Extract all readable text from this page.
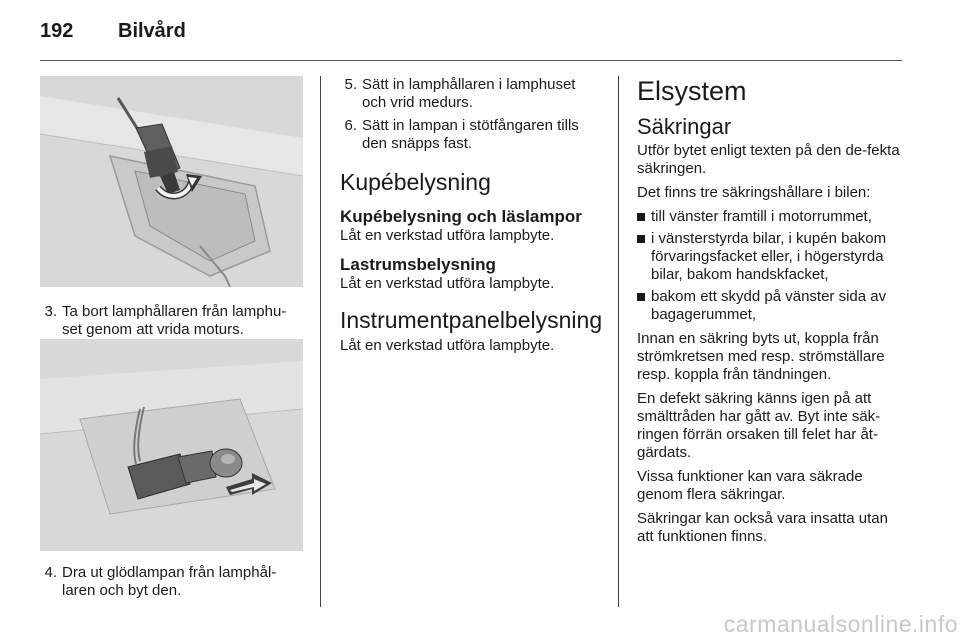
192	Bilvård
3. Ta bort lamphållaren från lamphu-set genom att vrida moturs.
4. Dra ut glödlampan från lamphål-laren och byt den.
5. Sätt in lamphållaren i lamphuset och vrid medurs.
6. Sätt in lampan i stötfångaren tills den snäpps fast.
Kupébelysning
Kupébelysning och läslampor

Låt en verkstad utföra lampbyte.

Lastrumsbelysning

Låt en verkstad utföra lampbyte.

Instrumentpanelbelysning

Låt en verkstad utföra lampbyte.

Elsystem
Säkringar

Utför bytet enligt texten på den de-fekta säkringen.

Det finns tre säkringshållare i bilen:

till vänster framtill i motorrummet,
i vänsterstyrda bilar, i kupén bakom förvaringsfacket eller, i högerstyrda bilar, bakom handskfacket,
bakom ett skydd på vänster sida av bagagerummet,

Innan en säkring byts ut, koppla från strömkretsen med resp. strömställare resp. koppla från tändningen.

En defekt säkring känns igen på att smälttråden har gått av. Byt inte säk-ringen förrän orsaken till felet har åt-gärdats.

Vissa funktioner kan vara säkrade genom flera säkringar.

Säkringar kan också vara insatta utan att funktionen finns.

carmanualsonline.info
